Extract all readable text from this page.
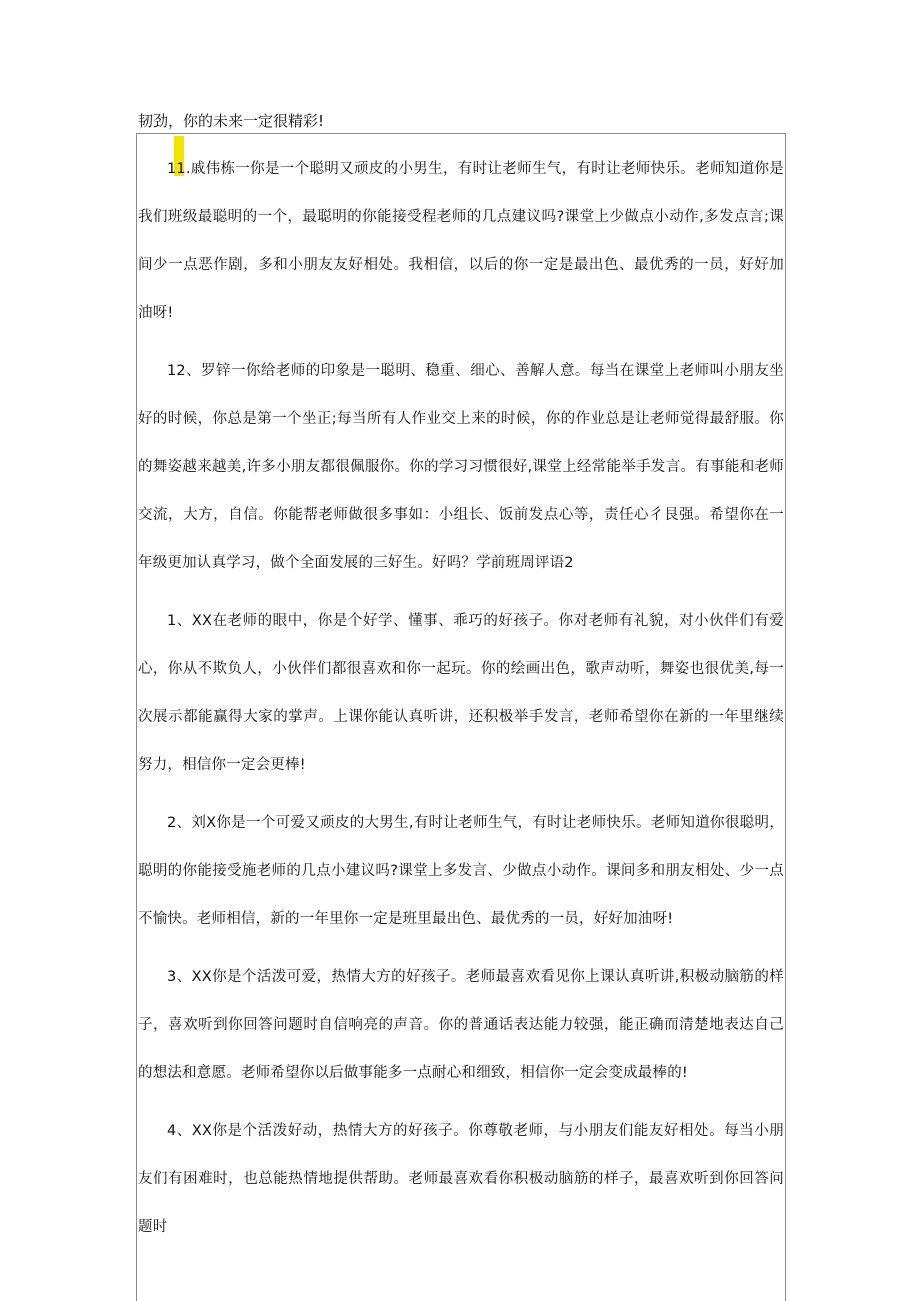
韧劲，你的未来一定很精彩!

11.戚伟栋一你是一个聪明又顽皮的小男生，有时让老师生气，有时让老师快乐。老师知道你是我们班级最聪明的一个，最聪明的你能接受程老师的几点建议吗?课堂上少做点小动作,多发点言;课间少一点恶作剧，多和小朋友友好相处。我相信，以后的你一定是最出色、最优秀的一员，好好加油呀!

12、罗锌一你给老师的印象是一聪明、稳重、细心、善解人意。每当在课堂上老师叫小朋友坐好的时候，你总是第一个坐正;每当所有人作业交上来的时候，你的作业总是让老师觉得最舒服。你的舞姿越来越美,许多小朋友都很佩服你。你的学习习惯很好,课堂上经常能举手发言。有事能和老师交流，大方，自信。你能帮老师做很多事如：小组长、饭前发点心等，责任心彳艮强。希望你在一年级更加认真学习，做个全面发展的三好生。好吗？学前班周评语2

1、XX在老师的眼中，你是个好学、懂事、乖巧的好孩子。你对老师有礼貌，对小伙伴们有爱心，你从不欺负人，小伙伴们都很喜欢和你一起玩。你的绘画出色，歌声动听，舞姿也很优美,每一次展示都能赢得大家的掌声。上课你能认真听讲，还积极举手发言，老师希望你在新的一年里继续努力，相信你一定会更棒!

2、刘X你是一个可爱又顽皮的大男生,有时让老师生气，有时让老师快乐。老师知道你很聪明，聪明的你能接受施老师的几点小建议吗?课堂上多发言、少做点小动作。课间多和朋友相处、少一点不愉快。老师相信，新的一年里你一定是班里最出色、最优秀的一员，好好加油呀!

3、XX你是个活泼可爱，热情大方的好孩子。老师最喜欢看见你上课认真听讲,积极动脑筋的样子，喜欢听到你回答问题时自信响亮的声音。你的普通话表达能力较强，能正确而清楚地表达自己的想法和意愿。老师希望你以后做事能多一点耐心和细致，相信你一定会变成最棒的!

4、XX你是个活泼好动，热情大方的好孩子。你尊敬老师，与小朋友们能友好相处。每当小朋友们有困难时，也总能热情地提供帮助。老师最喜欢看你积极动脑筋的样子，最喜欢听到你回答问题时
